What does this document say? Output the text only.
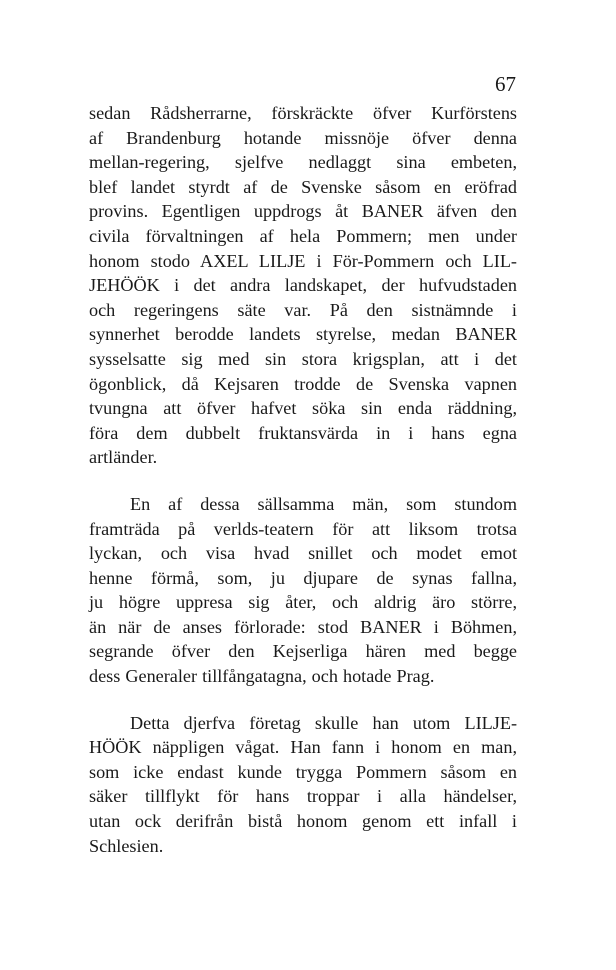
67

sedan Rådsherrarne, förskräckte öfver Kurförstens
af Brandenburg hotande missnöje öfver denna
mellan-regering, sjelfve nedlaggt sina embeten,
blef landet styrdt af de Svenske såsom en eröfrad
provins. Egentligen uppdrogs åt BANER äfven den
civila förvaltningen af hela Pommern; men under
honom stodo AXEL LILJE i För-Pommern och LIL-
JEHÖÖK i det andra landskapet, der hufvudstaden
och regeringens säte var. På den sistnämnde i
synnerhet berodde landets styrelse, medan BANER
sysselsatte sig med sin stora krigsplan, att i det
ögonblick, då Kejsaren trodde de Svenska vapnen
tvungna att öfver hafvet söka sin enda räddning,
föra dem dubbelt fruktansvärda in i hans egna
artländer.

En af dessa sällsamma män, som stundom
framträda på verlds-teatern för att liksom trotsa
lyckan, och visa hvad snillet och modet emot
henne förmå, som, ju djupare de synas fallna,
ju högre uppresa sig åter, och aldrig äro större,
än när de anses förlorade: stod BANER i Böhmen,
segrande öfver den Kejserliga hären med begge
dess Generaler tillfångatagna, och hotade Prag.

Detta djerfva företag skulle han utom LILJE-
HÖÖK näppligen vågat. Han fann i honom en man,
som icke endast kunde trygga Pommern såsom en
säker tillflykt för hans troppar i alla händelser,
utan ock derifrån bistå honom genom ett infall i
Schlesien.
